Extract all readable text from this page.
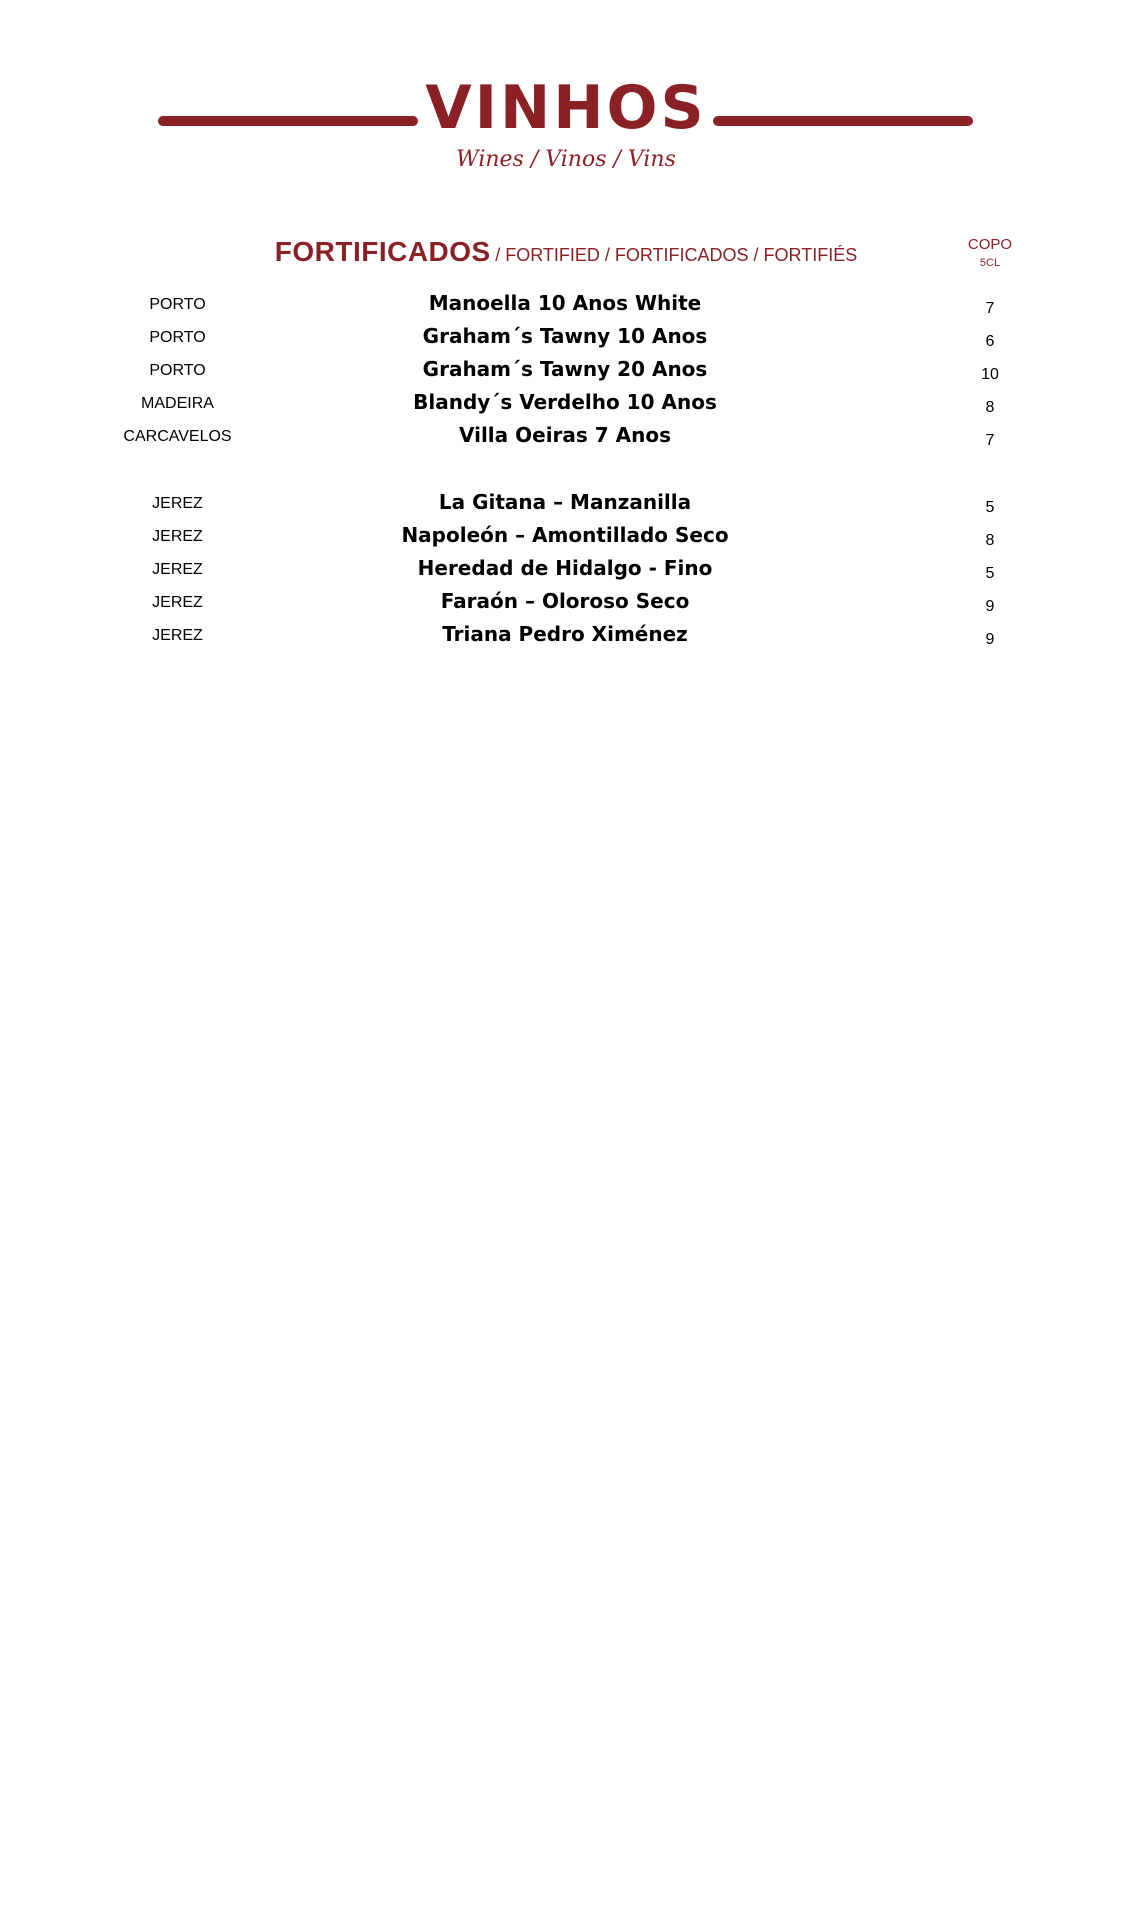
VINHOS
Wines / Vinos / Vins
FORTIFICADOS / FORTIFIED / FORTIFICADOS / FORTIFIÉS
COPO
5CL
PORTO	Manoella 10 Anos White	7
PORTO	Graham´s Tawny 10 Anos	6
PORTO	Graham´s Tawny 20 Anos	10
MADEIRA	Blandy´s Verdelho 10 Anos	8
CARCAVELOS	Villa Oeiras 7 Anos	7
JEREZ	La Gitana – Manzanilla	5
JEREZ	Napoleón – Amontillado Seco	8
JEREZ	Heredad de Hidalgo - Fino	5
JEREZ	Faraón – Oloroso Seco	9
JEREZ	Triana Pedro Ximénez	9
